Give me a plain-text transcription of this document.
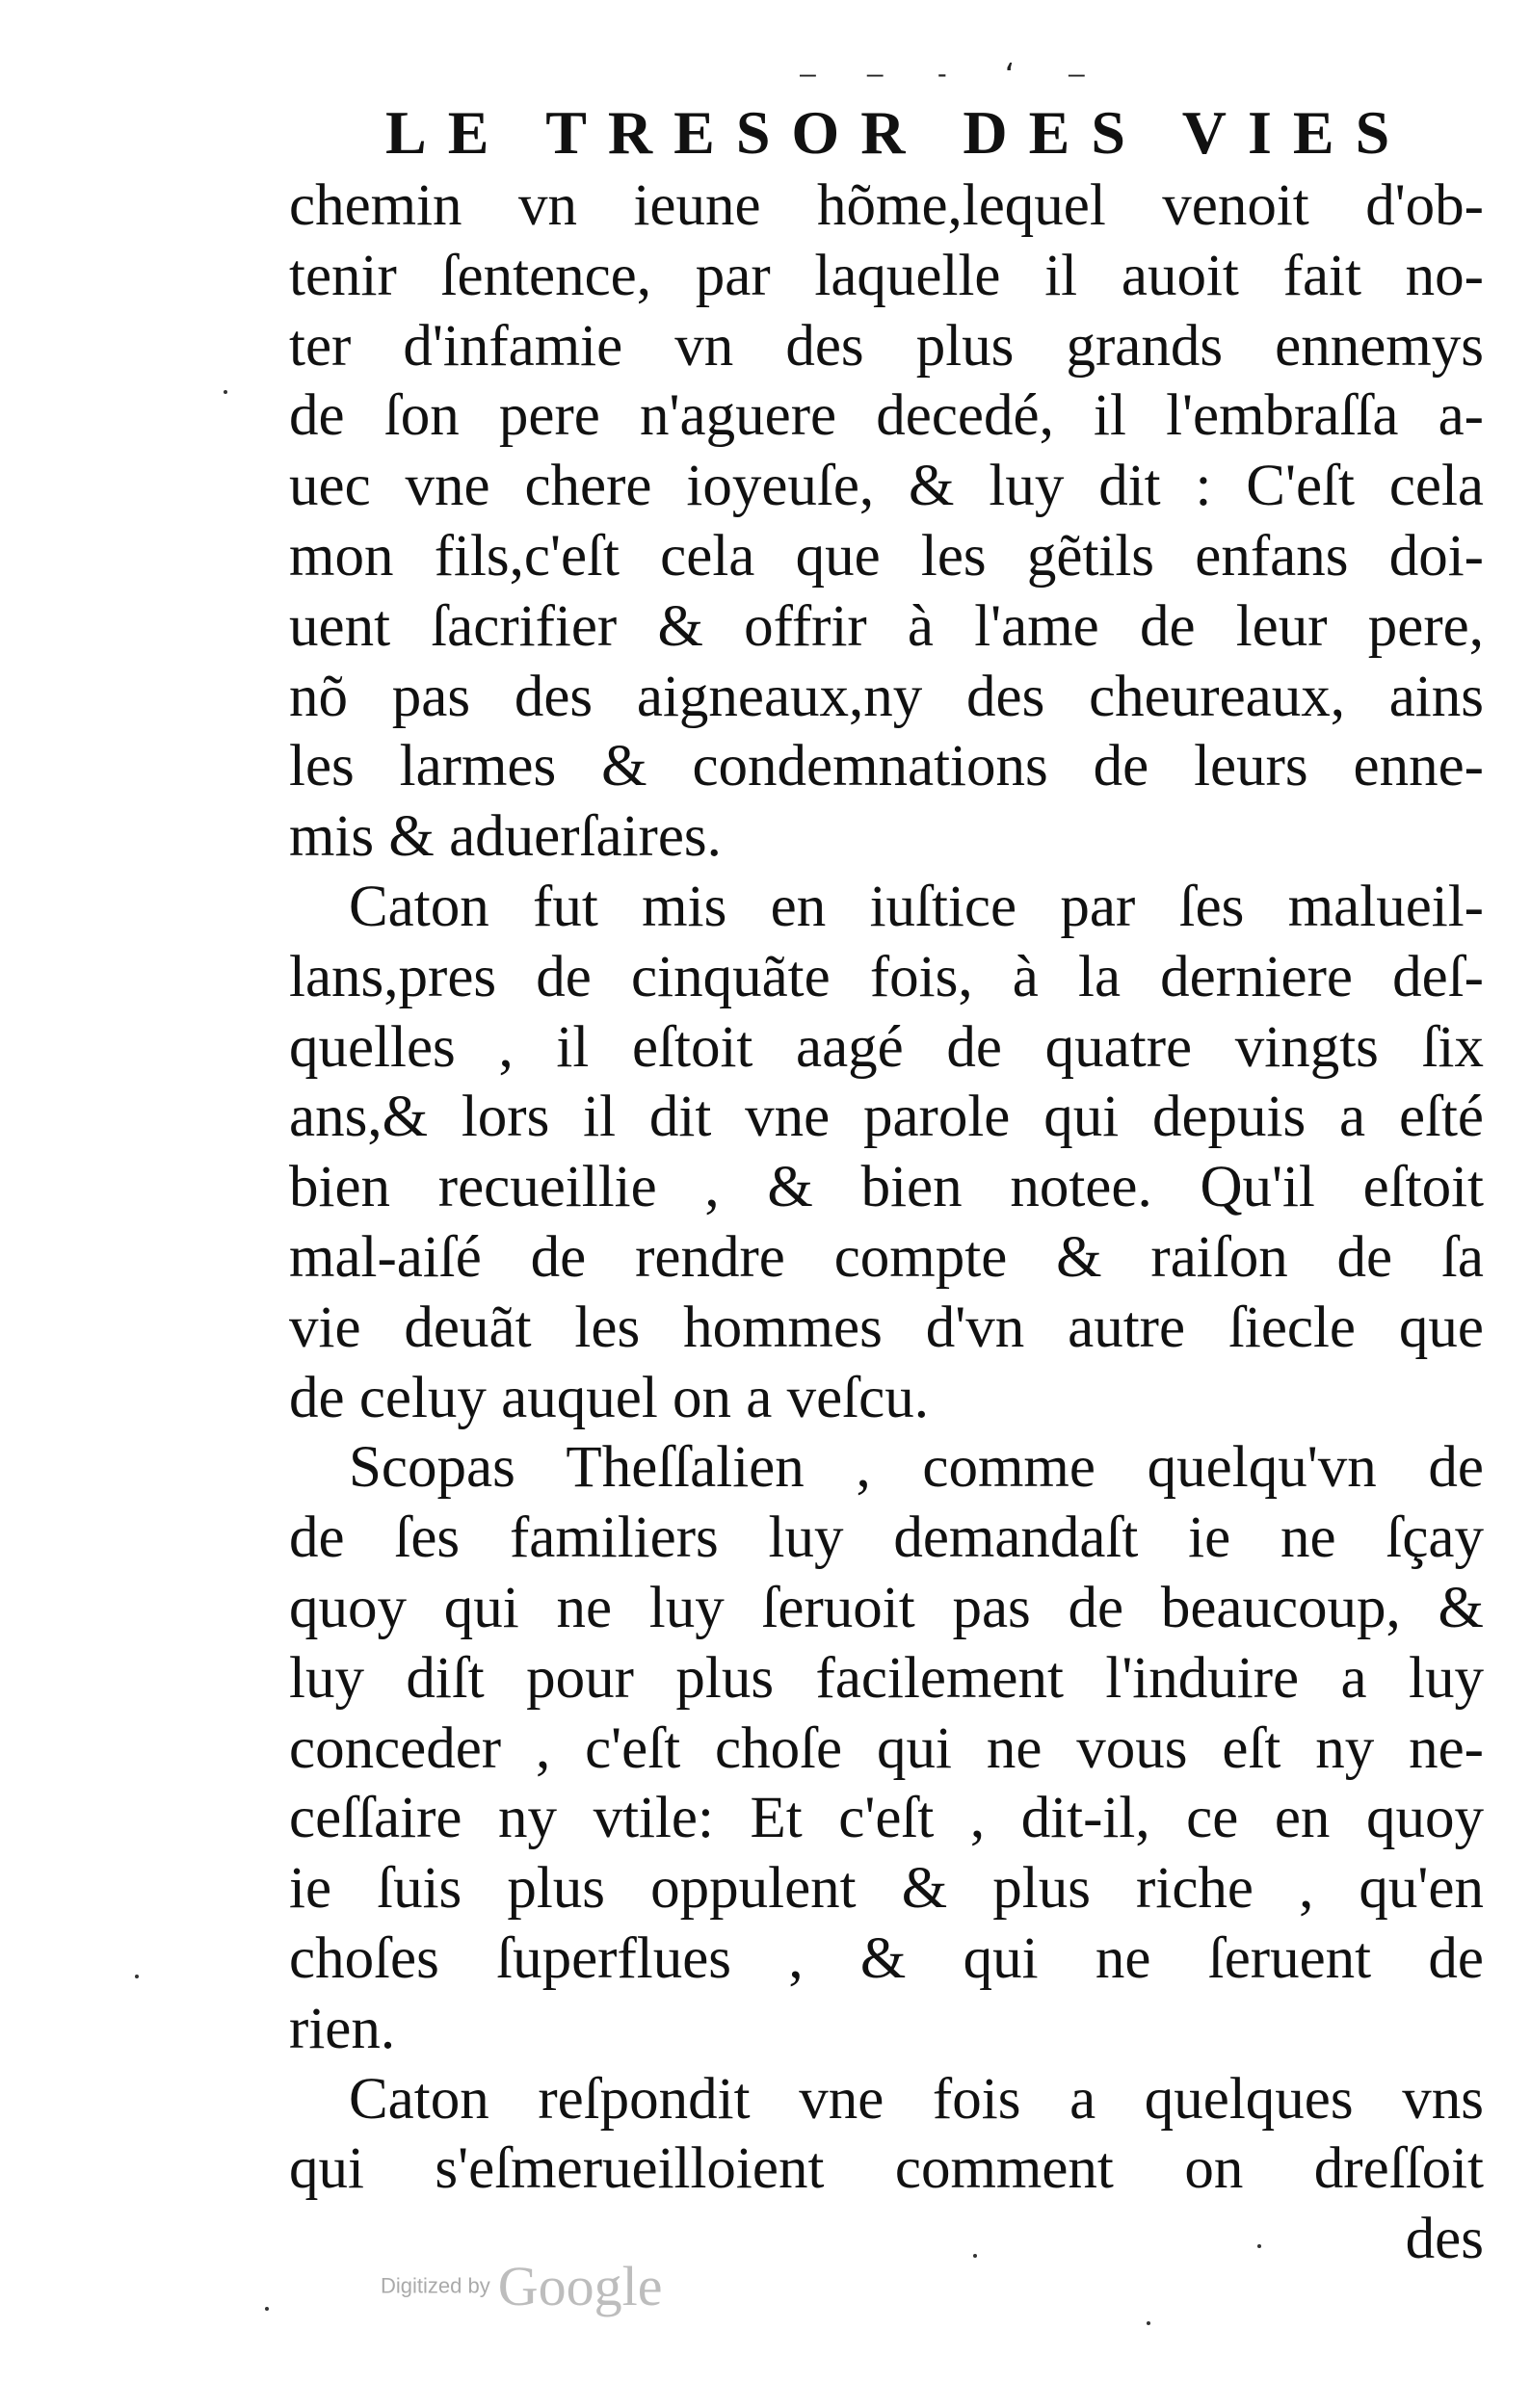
— — - ‘ —
LE TRESOR DES VIES
chemin vn ieune hõme,lequel venoit d'ob-
tenir ſentence, par laquelle il auoit fait no-
ter d'infamie vn des plus grands ennemys
de ſon pere n'aguere decedé, il l'embraſſa a-
uec vne chere ioyeuſe, & luy dit : C'eſt cela
mon fils,c'eſt cela que les gẽtils enfans doi-
uent ſacrifier & offrir à l'ame de leur pere,
nõ pas des aigneaux,ny des cheureaux, ains
les larmes & condemnations de leurs enne-
mis & aduerſaires.
Caton fut mis en iuſtice par ſes malueil-
lans,pres de cinquãte fois, à la derniere deſ-
quelles , il eſtoit aagé de quatre vingts ſix
ans,& lors il dit vne parole qui depuis a eſté
bien recueillie , & bien notee. Qu'il eſtoit
mal-aiſé de rendre compte & raiſon de ſa
vie deuãt les hommes d'vn autre ſiecle que
de celuy auquel on a veſcu.
Scopas Theſſalien , comme quelqu'vn de
de ſes familiers luy demandaſt ie ne ſçay
quoy qui ne luy ſeruoit pas de beaucoup, &
luy diſt pour plus facilement l'induire a luy
conceder , c'eſt choſe qui ne vous eſt ny ne-
ceſſaire ny vtile: Et c'eſt , dit-il, ce en quoy
ie ſuis plus oppulent & plus riche , qu'en
choſes ſuperflues , & qui ne ſeruent de
rien.
Caton reſpondit vne fois a quelques vns
qui s'eſmerueilloient comment on dreſſoit
des
Digitized by Google
